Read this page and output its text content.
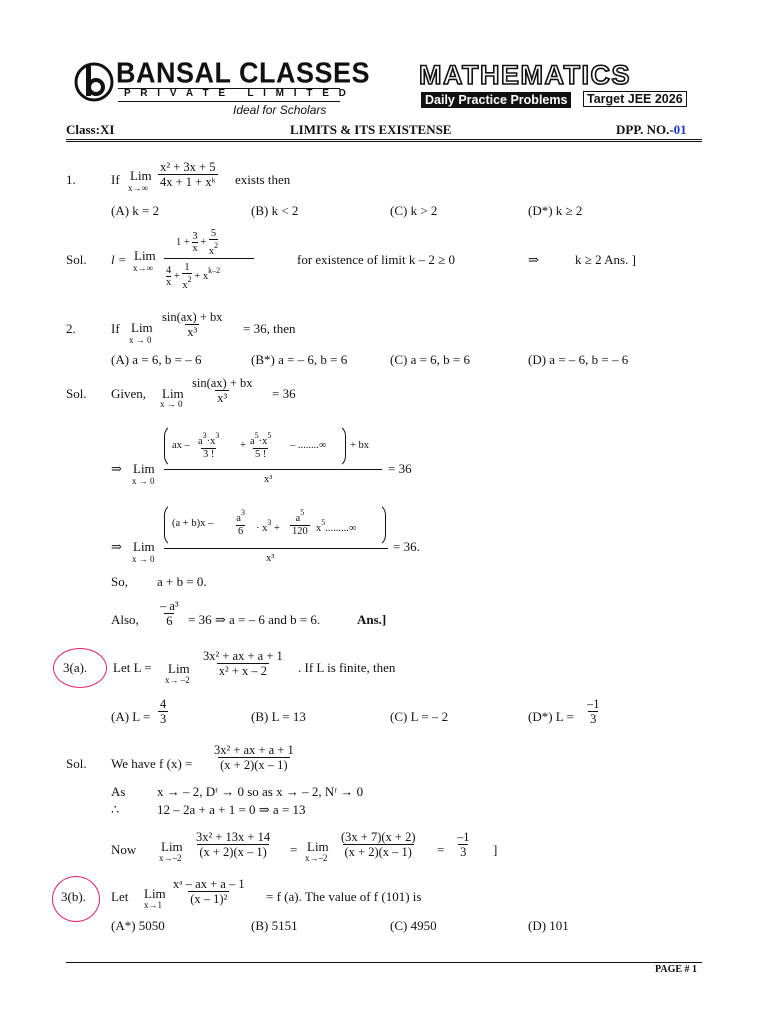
BANSAL CLASSES
P R I V A T E   L I M I T E D
Ideal for Scholars
MATHEMATICS
Daily Practice Problems	Target JEE 2026
Class:XI	LIMITS & ITS EXISTENSE	DPP. NO.-01
1.	If Lim
$x\to\infty \frac{\text{x² + 3x + 5}}{\text{4x + 1 + xᵏ}}$ exists then
(A) k = 2	(B) k < 2	(C) k > 2	(D*) k ≥ 2
Sol. l = Lim
x→∞
$1 + \frac{3}{x} + \frac{5}{x^2}$
$\frac{4}{x} + \frac{1}{x^2} + x^{k-2}$
for existence of limit k – 2 ≥ 0	⇒	k ≥ 2 Ans. ]
2.	If Lim
x → 0
$\frac{\sin(ax) + bx}{\text{x³}} = 36$, then
(A) a = 6, b = – 6	(B*) a = – 6, b = 6	(C) a = 6, b = 6	(D) a = – 6, b = – 6
Sol. Given, Lim
$x \to 0 \frac{\sin(ax) + bx}{\text{x³}} = 36$
⇒ Lim
x → 0
ax – $\frac{a^3\cdot x^3}{3 !} + \frac{a^5\cdot x^5}{5 !}$ – ........∞ + bx
x³
= 36
⇒ Lim
x → 0
$(a + b)x - \frac{a^3}{6} \cdot x^3 + \frac{a^5}{120} x^5.........\infty$
x³
= 36.
So, a + b = 0.
Also, $\frac{\text{– a³}}{6} = 36$ ⇒ a = – 6 and b = 6.	Ans.]
3(a). Let L = Lim
x→ –2
$\frac{\text{3x² + ax + a + 1}}{\text{x² + x – 2}}$ . If L is finite, then
(A) $L = \frac{4}{3}$	(B) L = 13	(C) L = – 2	(D*) $L = \frac{-1}{3}$
Sol. We have f $(x) = \frac{\text{3x² + ax + a + 1}}{(x + 2)(x - 1)}$
As x → – 2, Dʳ → 0 so as x → – 2, Nʳ → 0
∴	12 – 2a + a + 1 = 0 ⇒ a = 13
Now Lim
$x\to-2 \frac{\text{3x² + 13x + 14}}{(x + 2)(x - 1)}$ = Lim
$x\to-2 \frac{(3x + 7)(x + 2)}{(x + 2)(x - 1)} = \frac{-1}{3}$ ]
3(b). Let Lim
$x\to 1 \frac{\text{xᵃ – ax + a – 1}}{\text{(x – 1)²}} = f$ (a). The value of f (101) is
(A*) 5050	(B) 5151	(C) 4950	(D) 101
PAGE # 1
